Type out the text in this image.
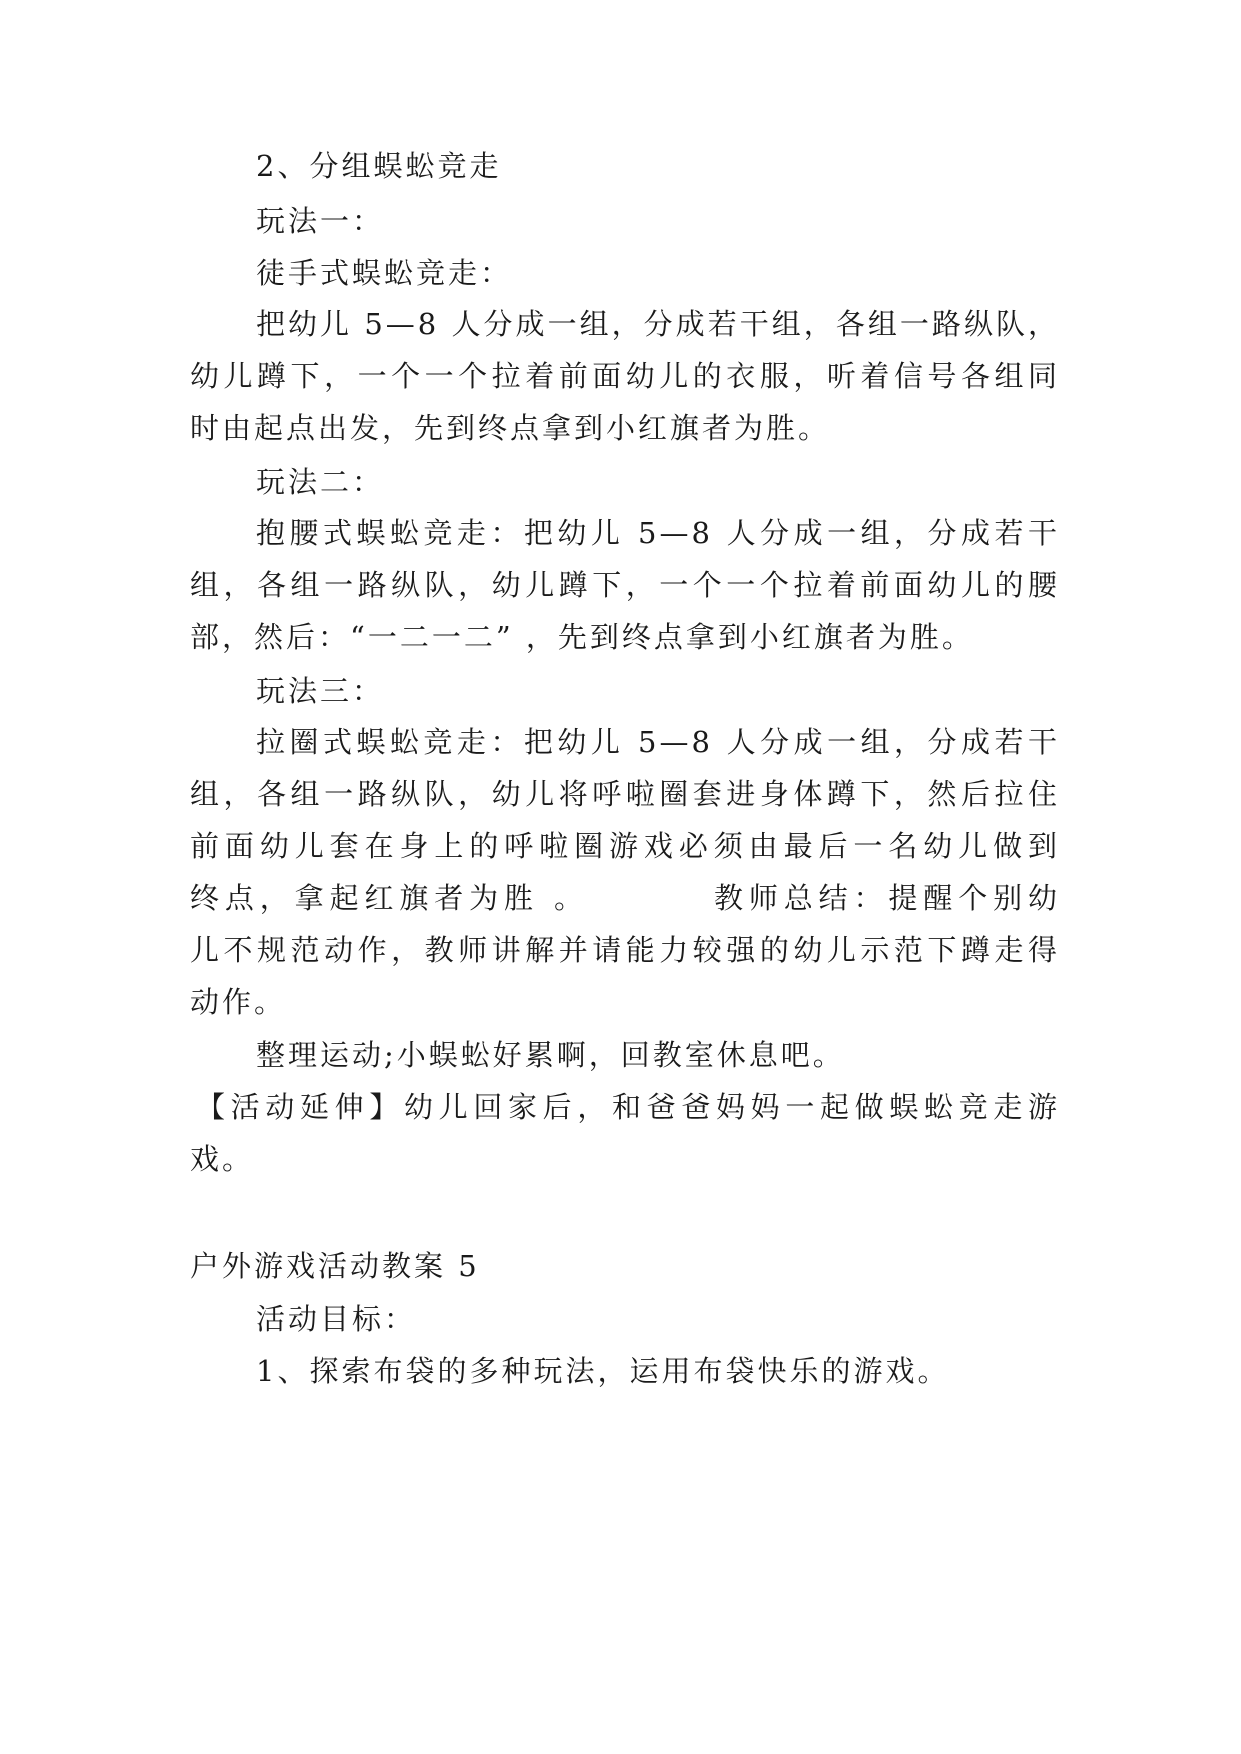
2、分组蜈蚣竞走
玩法一：
徒手式蜈蚣竞走：
把幼儿 5—8 人分成一组，分成若干组，各组一路纵队，
幼儿蹲下，一个一个拉着前面幼儿的衣服，听着信号各组同
时由起点出发，先到终点拿到小红旗者为胜。
玩法二：
抱腰式蜈蚣竞走：把幼儿 5—8 人分成一组，分成若干
组，各组一路纵队，幼儿蹲下，一个一个拉着前面幼儿的腰
部，然后：“一二一二” ，先到终点拿到小红旗者为胜。
玩法三：
拉圈式蜈蚣竞走：把幼儿 5—8 人分成一组，分成若干
组，各组一路纵队，幼儿将呼啦圈套进身体蹲下，然后拉住
前面幼儿套在身上的呼啦圈游戏必须由最后一名幼儿做到
终点，拿起红旗者为胜 。　　　　教师总结：提醒个别幼
儿不规范动作，教师讲解并请能力较强的幼儿示范下蹲走得
动作。
整理运动;小蜈蚣好累啊，回教室休息吧。
【活动延伸】幼儿回家后，和爸爸妈妈一起做蜈蚣竞走游
戏。
户外游戏活动教案 5
活动目标：
1、探索布袋的多种玩法，运用布袋快乐的游戏。
